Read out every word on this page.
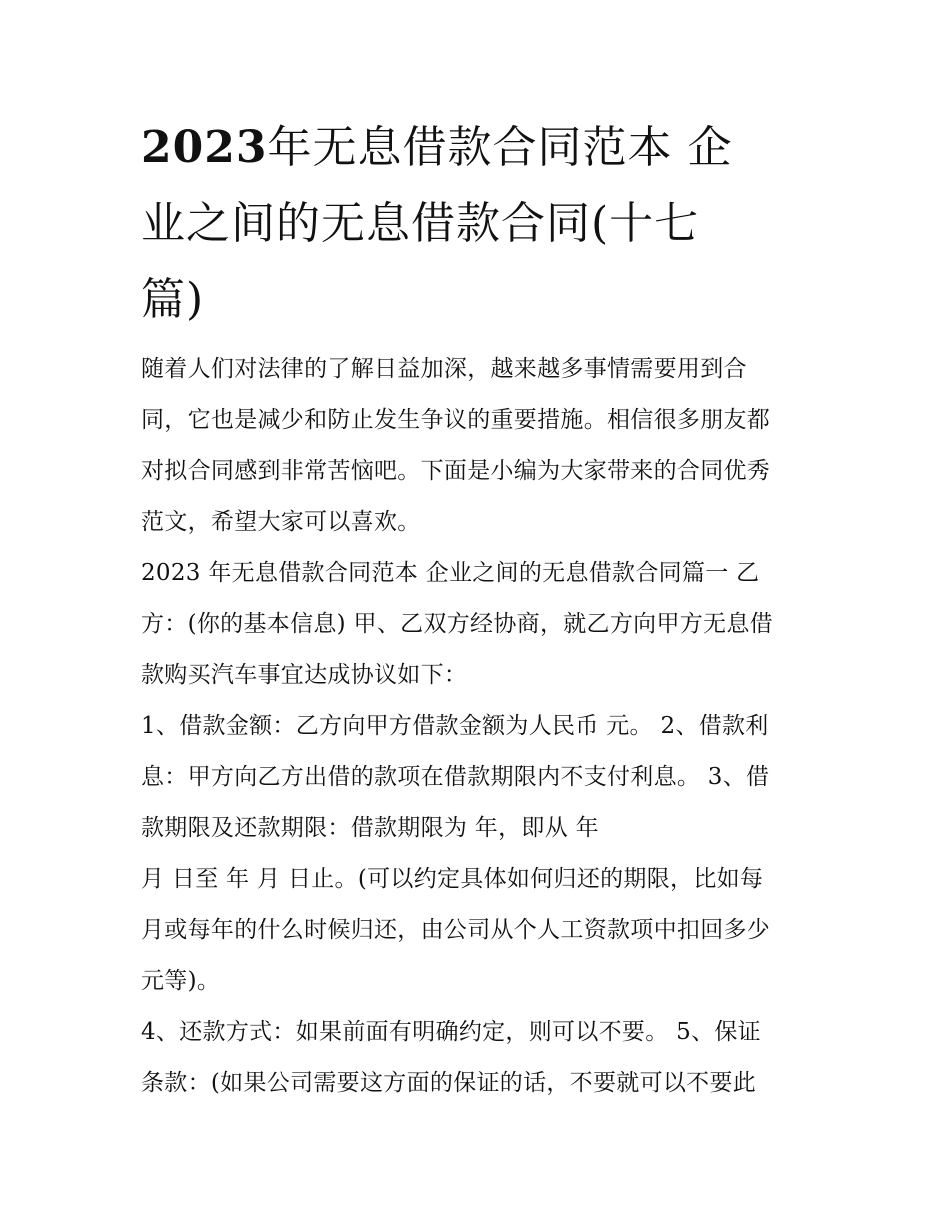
2023年无息借款合同范本 企
业之间的无息借款合同(十七
篇)

随着人们对法律的了解日益加深，越来越多事情需要用到合
同，它也是减少和防止发生争议的重要措施。相信很多朋友都
对拟合同感到非常苦恼吧。下面是小编为大家带来的合同优秀
范文，希望大家可以喜欢。

2023 年无息借款合同范本 企业之间的无息借款合同篇一 乙
方：(你的基本信息) 甲、乙双方经协商，就乙方向甲方无息借
款购买汽车事宜达成协议如下：

1、借款金额：乙方向甲方借款金额为人民币 元。 2、借款利
息：甲方向乙方出借的款项在借款期限内不支付利息。 3、借
款期限及还款期限：借款期限为 年，即从 年
月 日至 年 月 日止。(可以约定具体如何归还的期限，比如每
月或每年的什么时候归还，由公司从个人工资款项中扣回多少
元等)。

4、还款方式：如果前面有明确约定，则可以不要。 5、保证
条款：(如果公司需要这方面的保证的话，不要就可以不要此
